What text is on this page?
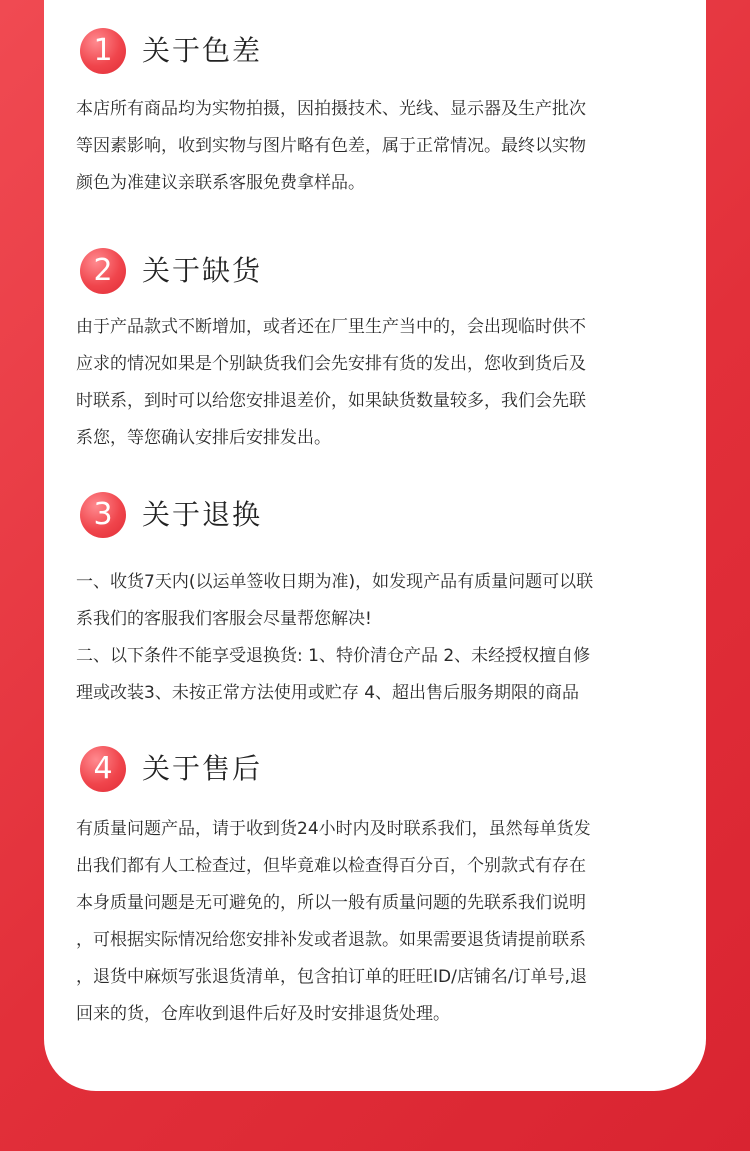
1	关于色差

本店所有商品均为实物拍摄，因拍摄技术、光线、显示器及生产批次
等因素影响，收到实物与图片略有色差，属于正常情况。最终以实物
颜色为准建议亲联系客服免费拿样品。

2	关于缺货

由于产品款式不断增加，或者还在厂里生产当中的，会出现临时供不
应求的情况如果是个别缺货我们会先安排有货的发出，您收到货后及
时联系，到时可以给您安排退差价，如果缺货数量较多，我们会先联
系您，等您确认安排后安排发出。

3	关于退换

一、收货7天内(以运单签收日期为准)，如发现产品有质量问题可以联
系我们的客服我们客服会尽量帮您解决!
二、以下条件不能享受退换货: 1、特价清仓产品 2、未经授权擅自修
理或改装3、未按正常方法使用或贮存 4、超出售后服务期限的商品

4	关于售后

有质量问题产品，请于收到货24小时内及时联系我们，虽然每单货发
出我们都有人工检查过，但毕竟难以检查得百分百，个别款式有存在
本身质量问题是无可避免的，所以一般有质量问题的先联系我们说明
，可根据实际情况给您安排补发或者退款。如果需要退货请提前联系
，退货中麻烦写张退货清单，包含拍订单的旺旺ID/店铺名/订单号,退
回来的货，仓库收到退件后好及时安排退货处理。
